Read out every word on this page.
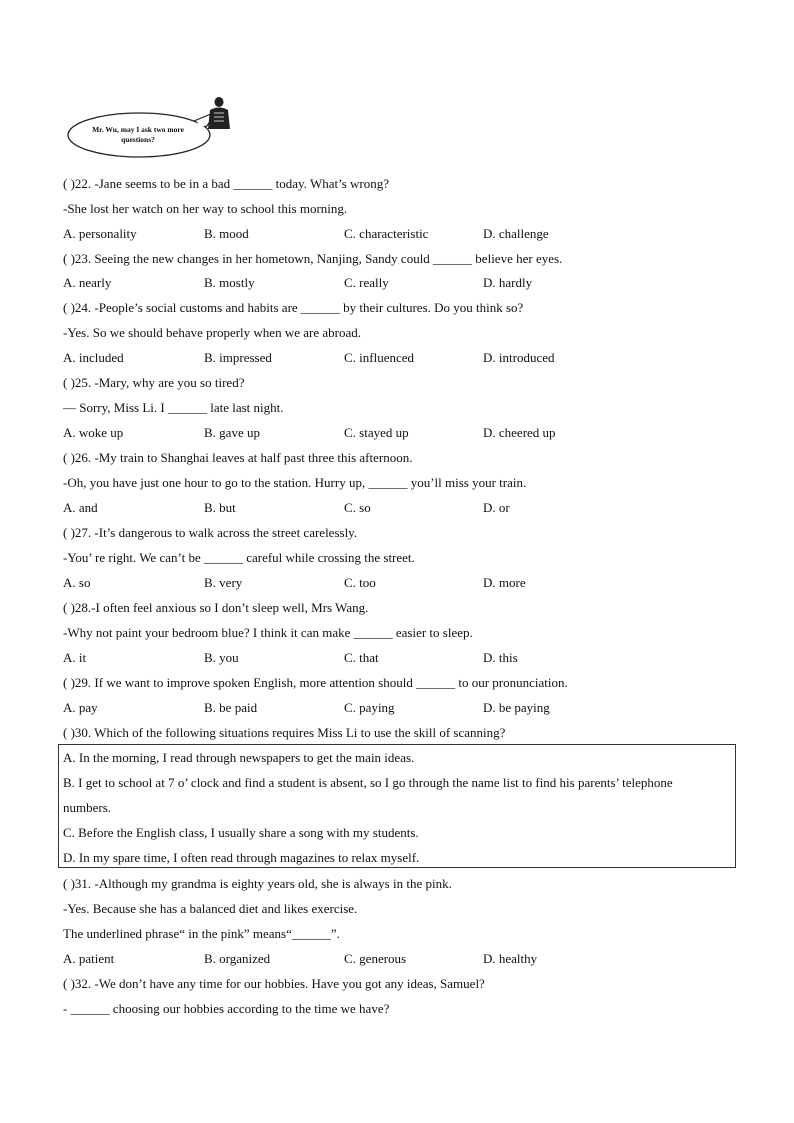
Mr. Wu, may I ask two more questions?
( )22. -Jane seems to be in a bad ______ today. What’s wrong?
-She lost her watch on her way to school this morning.
A. personality	B. mood	C. characteristic	D. challenge
( )23. Seeing the new changes in her hometown, Nanjing, Sandy could ______ believe her eyes.
A. nearly	B. mostly	C. really	D. hardly
( )24. -People’s social customs and habits are ______ by their cultures. Do you think so?
-Yes. So we should behave properly when we are abroad.
A. included	B. impressed	C. influenced	D. introduced
( )25. -Mary, why are you so tired?
— Sorry, Miss Li. I ______ late last night.
A. woke up	B. gave up	C. stayed up	D. cheered up
( )26. -My train to Shanghai leaves at half past three this afternoon.
-Oh, you have just one hour to go to the station. Hurry up, ______ you’ll miss your train.
A. and	B. but	C. so	D. or
( )27. -It’s dangerous to walk across the street carelessly.
-You’ re right. We can’t be ______ careful while crossing the street.
A. so	B. very	C. too	D. more
( )28.-I often feel anxious so I don’t sleep well, Mrs Wang.
-Why not paint your bedroom blue? I think it can make ______ easier to sleep.
A. it	B. you	C. that	D. this
( )29. If we want to improve spoken English, more attention should ______ to our pronunciation.
A. pay	B. be paid	C. paying	D. be paying
( )30. Which of the following situations requires Miss Li to use the skill of scanning?
A. In the morning, I read through newspapers to get the main ideas.
B. I get to school at 7 o’ clock and find a student is absent, so I go through the name list to find his parents’ telephone
numbers.
C. Before the English class, I usually share a song with my students.
D. In my spare time, I often read through magazines to relax myself.
( )31. -Although my grandma is eighty years old, she is always in the pink.
-Yes. Because she has a balanced diet and likes exercise.
The underlined phrase“ in the pink” means“______”.
A. patient	B. organized	C. generous	D. healthy
( )32. -We don’t have any time for our hobbies. Have you got any ideas, Samuel?
- ______ choosing our hobbies according to the time we have?
